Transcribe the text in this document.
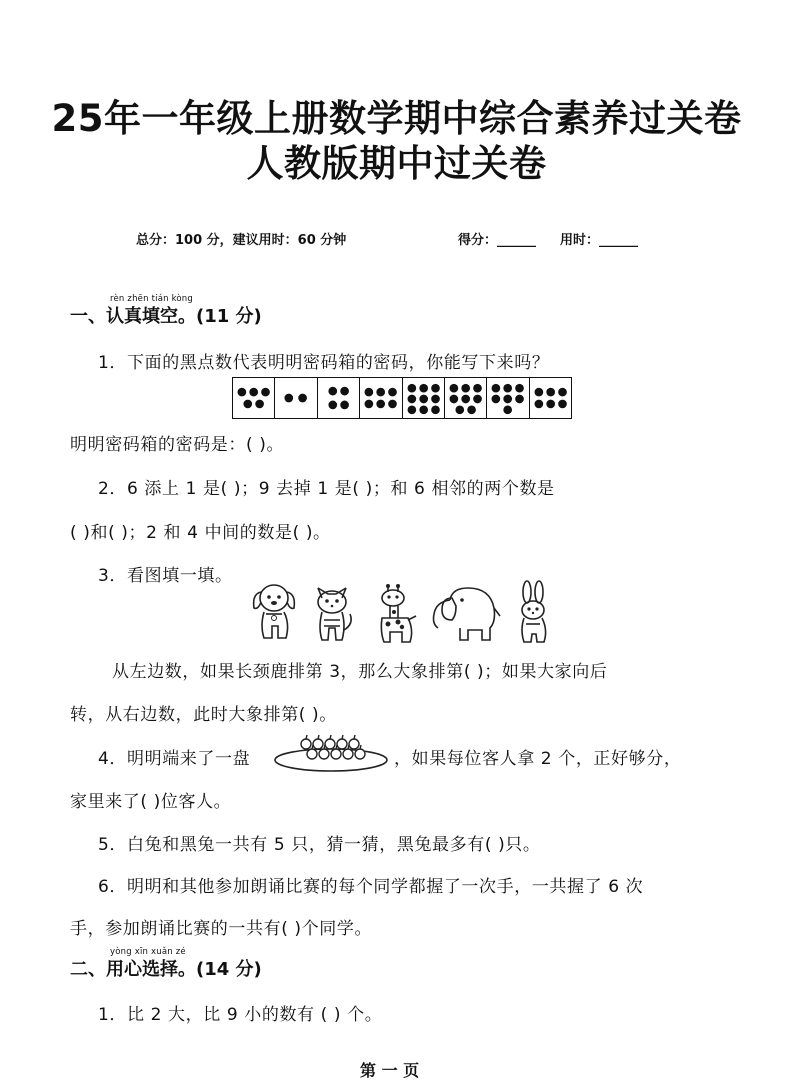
25年一年级上册数学期中综合素养过关卷
人教版期中过关卷
总分：100 分，建议用时：60 分钟	得分：______ 用时：______
rèn zhēn tián kòng
一、认真填空。(11 分)
1．下面的黑点数代表明明密码箱的密码，你能写下来吗？
明明密码箱的密码是：( )。
2．6 添上 1 是( )；9 去掉 1 是( )；和 6 相邻的两个数是
( )和( )；2 和 4 中间的数是( )。
3．看图填一填。
从左边数，如果长颈鹿排第 3，那么大象排第( )；如果大家向后
转，从右边数，此时大象排第( )。
4．明明端来了一盘	，如果每位客人拿 2 个，正好够分，
家里来了( )位客人。
5．白兔和黑兔一共有 5 只，猜一猜，黑兔最多有( )只。
6．明明和其他参加朗诵比赛的每个同学都握了一次手，一共握了 6 次
手，参加朗诵比赛的一共有( )个同学。
yòng xīn xuǎn zé
二、用心选择。(14 分)
1．比 2 大，比 9 小的数有 ( ) 个。
第 一 页
